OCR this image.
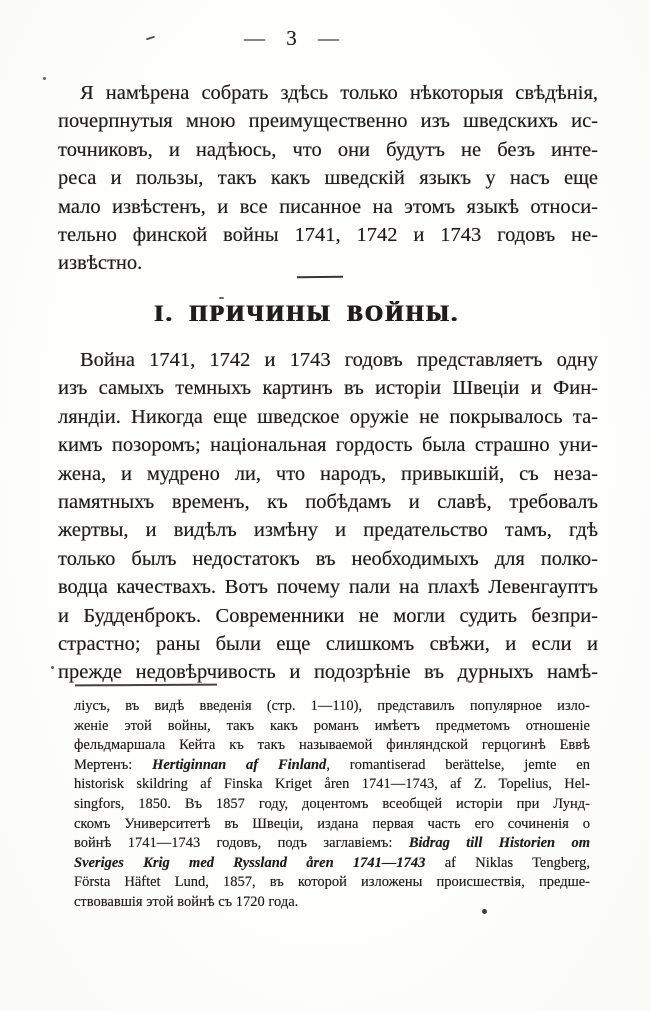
— 3 —
Я намѣрена собрать здѣсь только нѣкоторыя свѣдѣнія,
почерпнутыя мною преимущественно изъ шведскихъ ис-
точниковъ, и надѣюсь, что они будутъ не безъ инте-
реса и пользы, такъ какъ шведскій языкъ у насъ еще
мало извѣстенъ, и все писанное на этомъ языкѣ относи-
тельно финской войны 1741, 1742 и 1743 годовъ не-
извѣстно.
I. ПРИЧИНЫ ВОЙНЫ.
Война 1741, 1742 и 1743 годовъ представляетъ одну
изъ самыхъ темныхъ картинъ въ исторіи Швеціи и Фин-
ляндіи. Никогда еще шведское оружіе не покрывалось та-
кимъ позоромъ; національная гордость была страшно уни-
жена, и мудрено ли, что народъ, привыкшій, съ неза-
памятныхъ временъ, къ побѣдамъ и славѣ, требовалъ
жертвы, и видѣлъ измѣну и предательство тамъ, гдѣ
только былъ недостатокъ въ необходимыхъ для полко-
водца качествахъ. Вотъ почему пали на плахѣ Левенгауптъ
и Будденброкъ. Современники не могли судить безпри-
страстно; раны были еще слишкомъ свѣжи, и если и
прежде недовѣрчивость и подозрѣніе въ дурныхъ намѣ-
ліусъ, въ видѣ введенія (стр. 1—110), представилъ популярное изло-
женіе этой войны, такъ какъ романъ имѣетъ предметомъ отношеніе
фельдмаршала Кейта къ такъ называемой финляндской герцогинѣ Еввѣ
Мертенъ: Hertiginnan af Finland, romantiserad berättelse, jemte en
historisk skildring af Finska Kriget åren 1741—1743, af Z. Topelius, Hel-
singfors, 1850. Въ 1857 году, доцентомъ всеобщей исторіи при Лунд-
скомъ Университетѣ въ Швеціи, издана первая часть его сочиненія о
войнѣ 1741—1743 годовъ, подъ заглавіемъ: Bidrag till Historien om
Sveriges Krig med Ryssland åren 1741—1743 af Niklas Tengberg,
Första Häftet Lund, 1857, въ которой изложены происшествія, предше-
ствовавшія этой войнѣ съ 1720 года.
